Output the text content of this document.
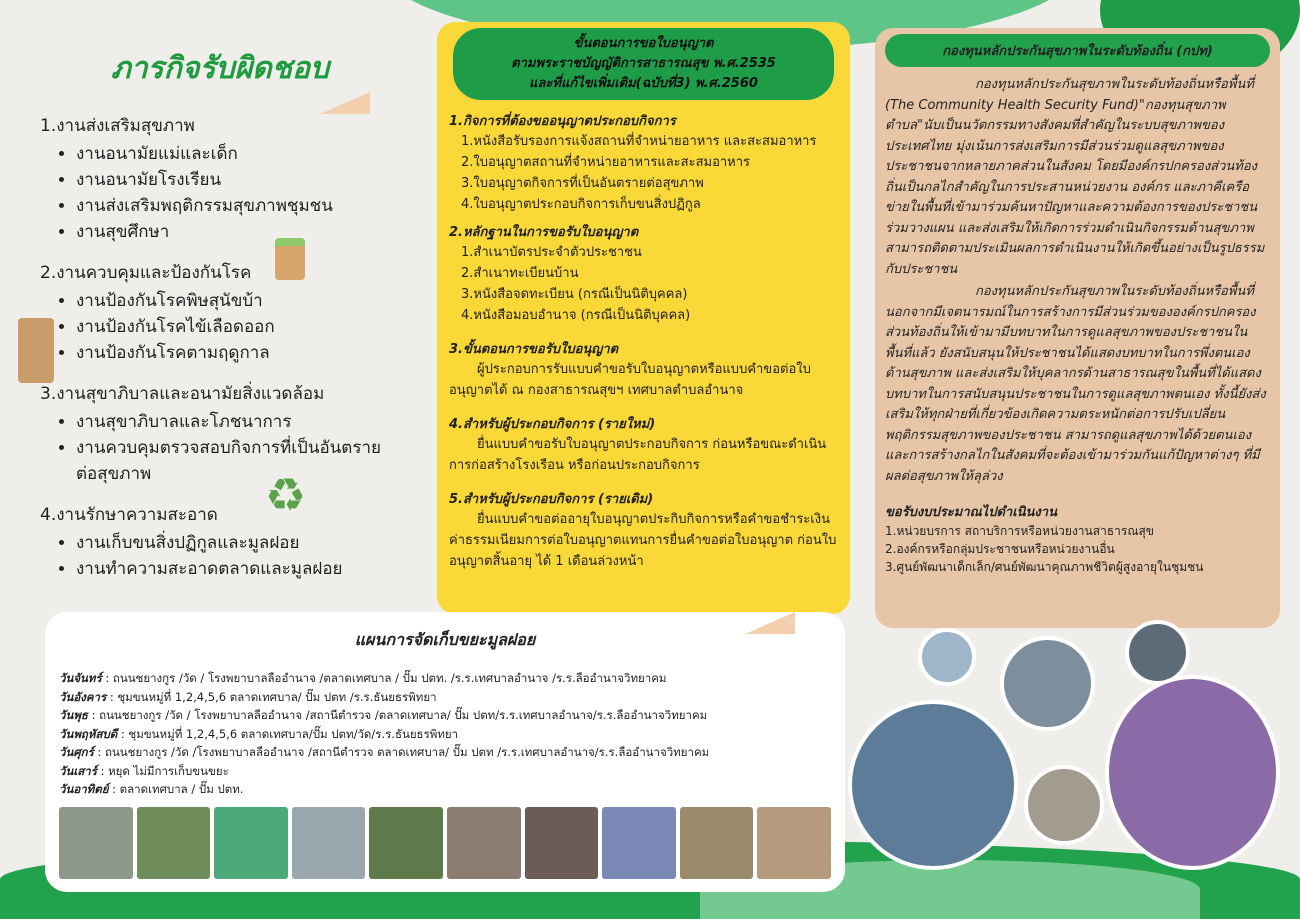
ภารกิจรับผิดชอบ
1.งานส่งเสริมสุขภาพ
• งานอนามัยแม่และเด็ก
• งานอนามัยโรงเรียน
• งานส่งเสริมพฤติกรรมสุขภาพชุมชน
• งานสุขศึกษา
2.งานควบคุมและป้องกันโรค
• งานป้องกันโรคพิษสุนัขบ้า
• งานป้องกันโรคไข้เลือดออก
• งานป้องกันโรคตามฤดูกาล
3.งานสุขาภิบาลและอนามัยสิ่งแวดล้อม
• งานสุขาภิบาลและโภชนาการ
• งานควบคุมตรวจสอบกิจการที่เป็นอันตรายต่อสุขภาพ
4.งานรักษาความสะอาด
• งานเก็บขนสิ่งปฏิกูลและมูลฝอย
• งานทำความสะอาดตลาดและมูลฝอย
♻
ขั้นตอนการขอใบอนุญาต
ตามพระราชบัญญัติการสาธารณสุข พ.ศ.2535
และที่แก้ไขเพิ่มเติม(ฉบับที่3) พ.ศ.2560
1.กิจการที่ต้องขออนุญาตประกอบกิจการ
1.หนังสือรับรองการแจ้งสถานที่จำหน่ายอาหาร และสะสมอาหาร
2.ใบอนุญาตสถานที่จำหน่ายอาหารและสะสมอาหาร
3.ใบอนุญาตกิจการที่เป็นอันตรายต่อสุขภาพ
4.ใบอนุญาตประกอบกิจการเก็บขนสิ่งปฏิกูล
2.หลักฐานในการขอรับใบอนุญาต
1.สำเนาบัตรประจำตัวประชาชน
2.สำเนาทะเบียนบ้าน
3.หนังสือจดทะเบียน (กรณีเป็นนิติบุคคล)
4.หนังสือมอบอำนาจ (กรณีเป็นนิติบุคคล)
3.ขั้นตอนการขอรับใบอนุญาต

ผู้ประกอบการรับแบบคำขอรับใบอนุญาตหรือแบบคำขอต่อใบอนุญาตได้ ณ กองสาธารณสุขฯ เทศบาลตำบลอำนาจ

4.สำหรับผู้ประกอบกิจการ (รายใหม่)

ยื่นแบบคำขอรับใบอนุญาตประกอบกิจการ ก่อนหรือขณะดำเนินการก่อสร้างโรงเรือน หรือก่อนประกอบกิจการ

5.สำหรับผู้ประกอบกิจการ (รายเดิม)

ยื่นแบบคำขอต่ออายุใบอนุญาตประกิบกิจการหรือคำขอชำระเงินค่าธรรมเนียมการต่อใบอนุญาตแทนการยื่นคำขอต่อใบอนุญาต ก่อนใบอนุญาตสิ้นอายุ ได้ 1 เดือนล่วงหน้า

กองทุนหลักประกันสุขภาพในระดับท้องถิ่น (กปท)

กองทุนหลักประกันสุขภาพในระดับท้องถิ่นหรือพื้นที่ (The Community Health Security Fund)"กองทุนสุขภาพตำบล"นับเป็นนวัตกรรมทางสังคมที่สำคัญในระบบสุขภาพของประเทศไทย มุ่งเน้นการส่งเสริมการมีส่วนร่วมดูแลสุขภาพของประชาชนจากหลายภาคส่วนในสังคม โดยมีองค์กรปกครองส่วนท้องถิ่นเป็นกลไกสำคัญในการประสานหน่วยงาน องค์กร และภาคีเครือข่ายในพื้นที่เข้ามาร่วมค้นหาปัญหาและความต้องการของประชาชน ร่วมวางแผน และส่งเสริมให้เกิดการร่วมดำเนินกิจกรรมด้านสุขภาพ สามารถติดตามประเมินผลการดำเนินงานให้เกิดขึ้นอย่างเป็นรูปธรรมกับประชาชน

กองทุนหลักประกันสุขภาพในระดับท้องถิ่นหรือพื้นที่ นอกจากมีเจตนารมณ์ในการสร้างการมีส่วนร่วมขององค์กรปกครองส่วนท้องถิ่นให้เข้ามามีบทบาทในการดูแลสุขภาพของประชาชนในพื้นที่แล้ว ยังสนับสนุนให้ประชาชนได้แสดงบทบาทในการพึ่งตนเองด้านสุขภาพ และส่งเสริมให้บุคลากรด้านสาธารณสุขในพื้นที่ได้แสดงบทบาทในการสนับสนุนประชาชนในการดูแลสุขภาพตนเอง ทั้งนี้ยังส่งเสริมให้ทุกฝ่ายที่เกี่ยวข้องเกิดความตระหนักต่อการปรับเปลี่ยนพฤติกรรมสุขภาพของประชาชน สามารถดูแลสุขภาพได้ด้วยตนเองและการสร้างกลไกในสังคมที่จะต้องเข้ามาร่วมกันแก้ปัญหาต่างๆ ที่มีผลต่อสุขภาพให้ลุล่วง

ขอรับงบประมาณไปดำเนินงาน
1.หน่วยบรการ สถาบริการหรือหน่วยงานสาธารณสุข
2.องค์กรหรือกลุ่มประชาชนหรือหน่วยงานอื่น
3.ศูนย์พัฒนาเด็กเล็ก/ศนย์พัฒนาคุณภาพชีวิตผู้สูงอายุในชุมชน
แผนการจัดเก็บขยะมูลฝอย
วันจันทร์ : ถนนชยางกูร /วัด / โรงพยาบาลลืออำนาจ /ตลาดเทศบาล / ปั๊ม ปตท. /ร.ร.เทศบาลอำนาจ /ร.ร.ลืออำนาจวิทยาคม
วันอังคาร : ชุมขนหมู่ที่ 1,2,4,5,6 ตลาดเทศบาล/ ปั๊ม ปตท /ร.ร.ธันยธรพิทยา
วันพุธ : ถนนชยางกูร /วัด / โรงพยาบาลลืออำนาจ /สถานีตำรวจ /ตลาดเทศบาล/ ปั๊ม ปตท/ร.ร.เทศบาลอำนาจ/ร.ร.ลืออำนาจวิทยาคม
วันพฤหัสบดี : ชุมขนหมู่ที่ 1,2,4,5,6 ตลาดเทศบาล/ปั๊ม ปตท/วัด/ร.ร.ธันยธรพิทยา
วันศุกร์ : ถนนชยางกูร /วัด /โรงพยาบาลลืออำนาจ /สถานีตำรวจ ตลาดเทศบาล/ ปั๊ม ปตท /ร.ร.เทศบาลอำนาจ/ร.ร.ลืออำนาจวิทยาคม
วันเสาร์ : หยุด ไม่มีการเก็บขนขยะ
วันอาทิตย์ : ตลาดเทศบาล / ปั๊ม ปตท.
